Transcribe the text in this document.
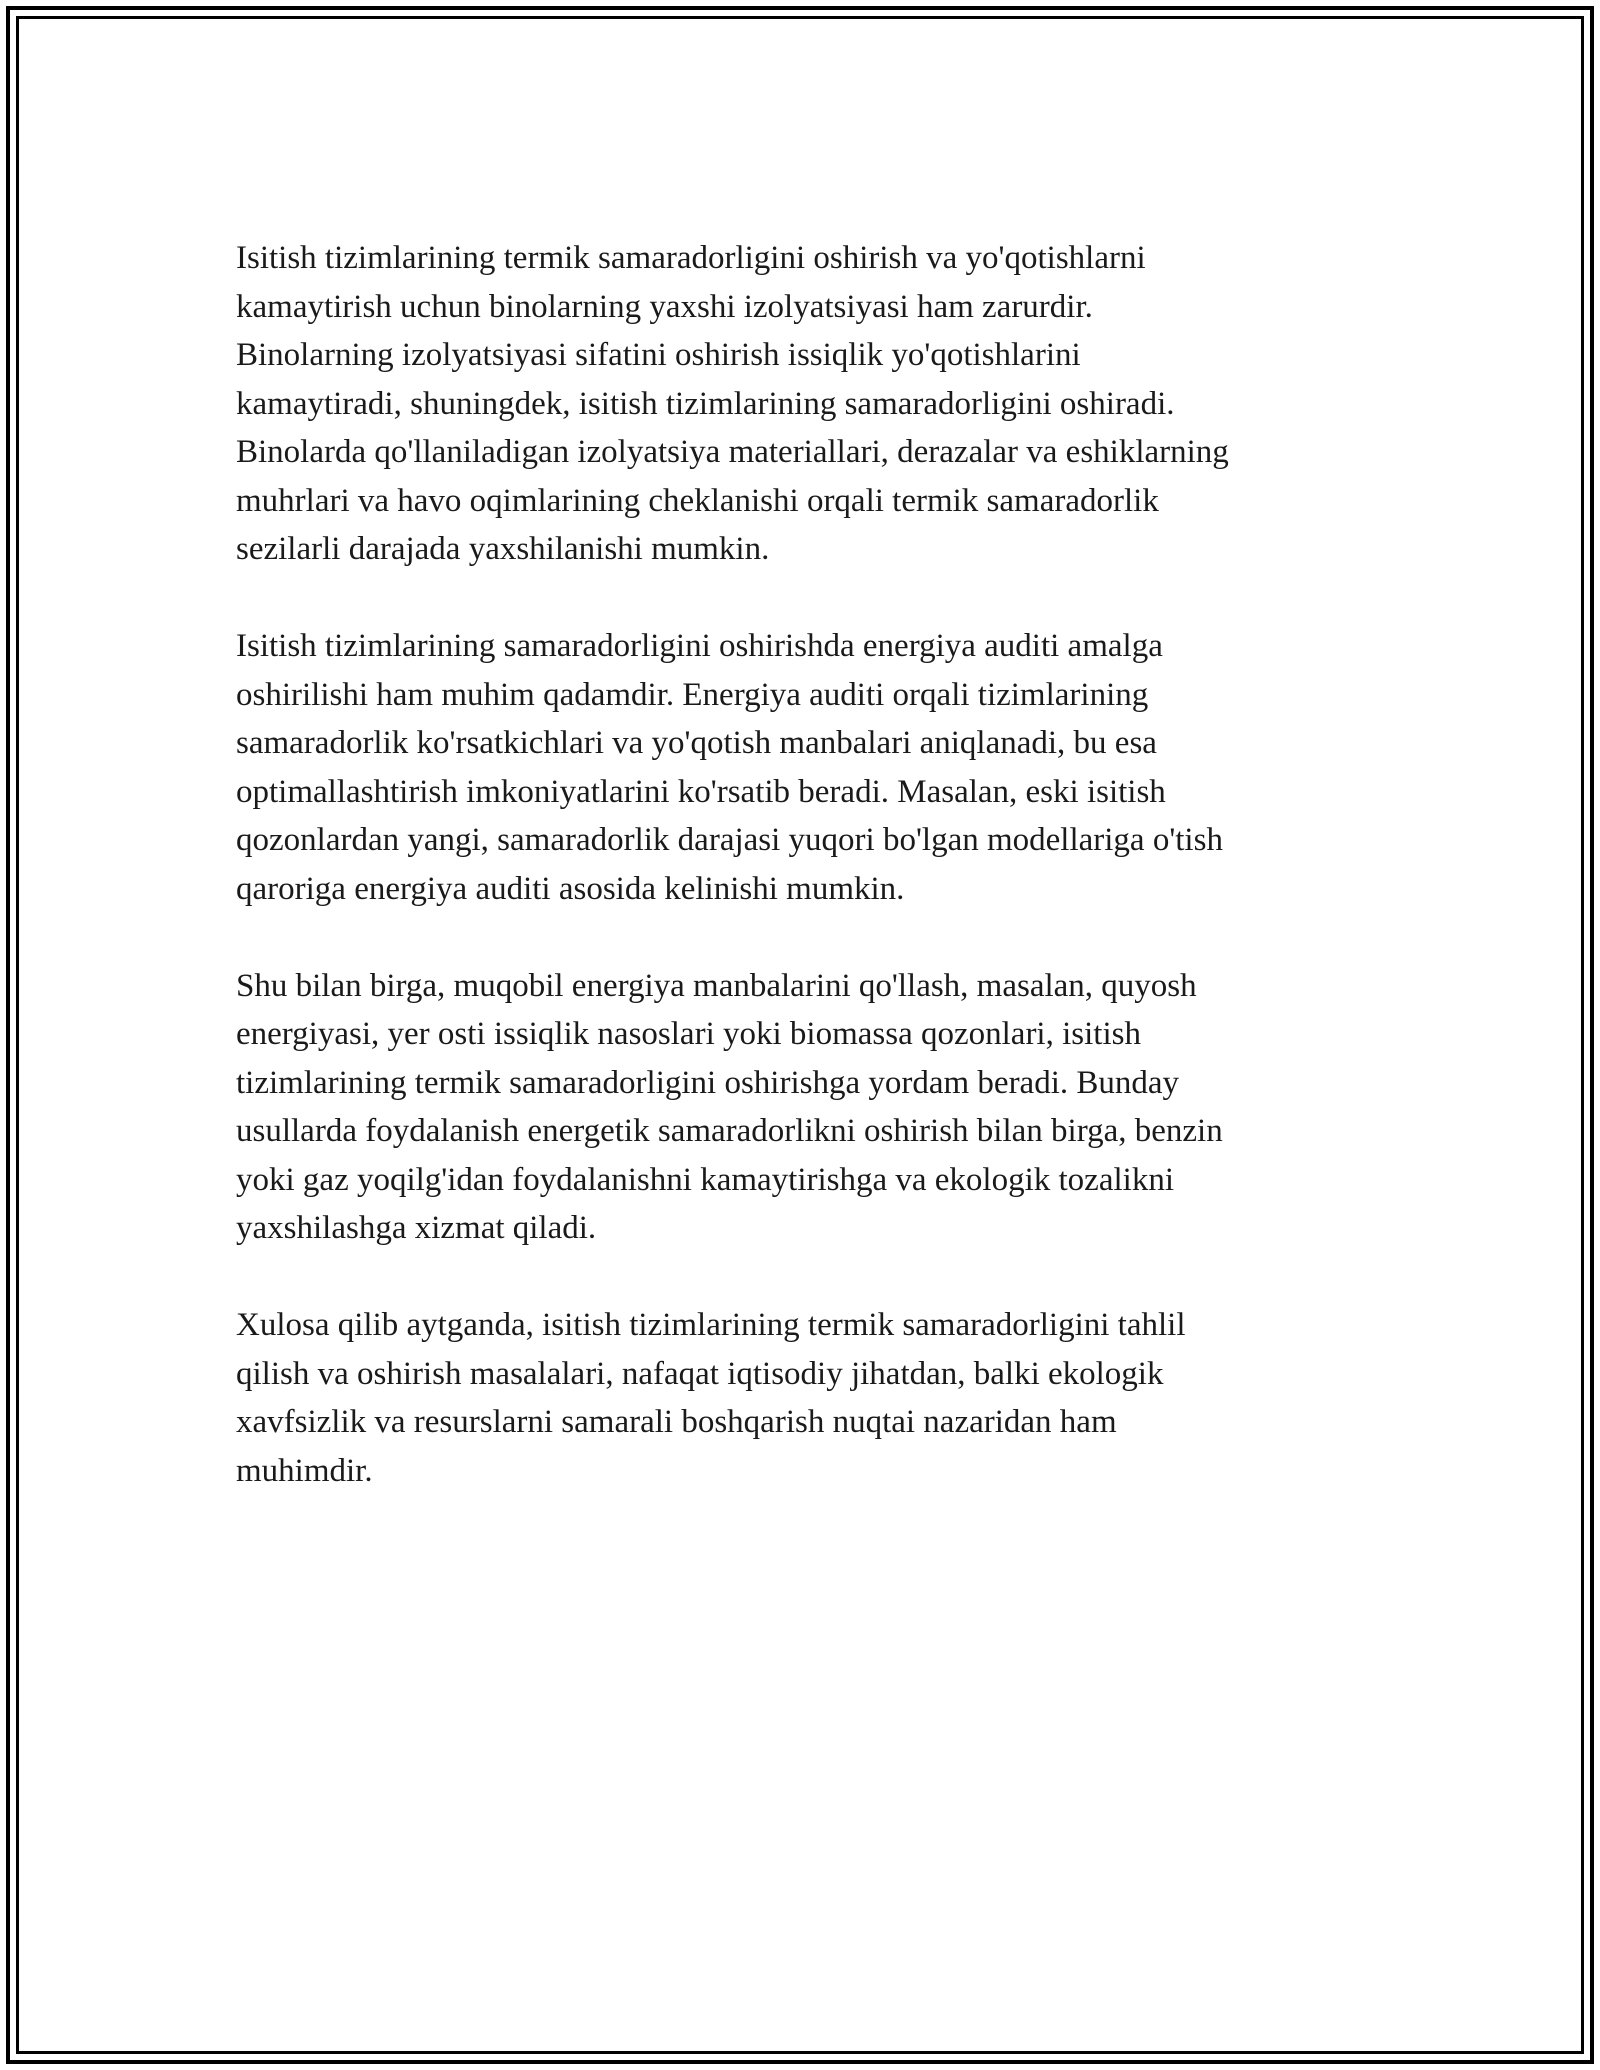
Isitish tizimlarining termik samaradorligini oshirish va yo'qotishlarni
kamaytirish uchun binolarning yaxshi izolyatsiyasi ham zarurdir.
Binolarning izolyatsiyasi sifatini oshirish issiqlik yo'qotishlarini
kamaytiradi, shuningdek, isitish tizimlarining samaradorligini oshiradi.
Binolarda qo'llaniladigan izolyatsiya materiallari, derazalar va eshiklarning
muhrlari va havo oqimlarining cheklanishi orqali termik samaradorlik
sezilarli darajada yaxshilanishi mumkin.

Isitish tizimlarining samaradorligini oshirishda energiya auditi amalga
oshirilishi ham muhim qadamdir. Energiya auditi orqali tizimlarining
samaradorlik ko'rsatkichlari va yo'qotish manbalari aniqlanadi, bu esa
optimallashtirish imkoniyatlarini ko'rsatib beradi. Masalan, eski isitish
qozonlardan yangi, samaradorlik darajasi yuqori bo'lgan modellariga o'tish
qaroriga energiya auditi asosida kelinishi mumkin.

Shu bilan birga, muqobil energiya manbalarini qo'llash, masalan, quyosh
energiyasi, yer osti issiqlik nasoslari yoki biomassa qozonlari, isitish
tizimlarining termik samaradorligini oshirishga yordam beradi. Bunday
usullarda foydalanish energetik samaradorlikni oshirish bilan birga, benzin
yoki gaz yoqilg'idan foydalanishni kamaytirishga va ekologik tozalikni
yaxshilashga xizmat qiladi.

Xulosa qilib aytganda, isitish tizimlarining termik samaradorligini tahlil
qilish va oshirish masalalari, nafaqat iqtisodiy jihatdan, balki ekologik
xavfsizlik va resurslarni samarali boshqarish nuqtai nazaridan ham
muhimdir.
